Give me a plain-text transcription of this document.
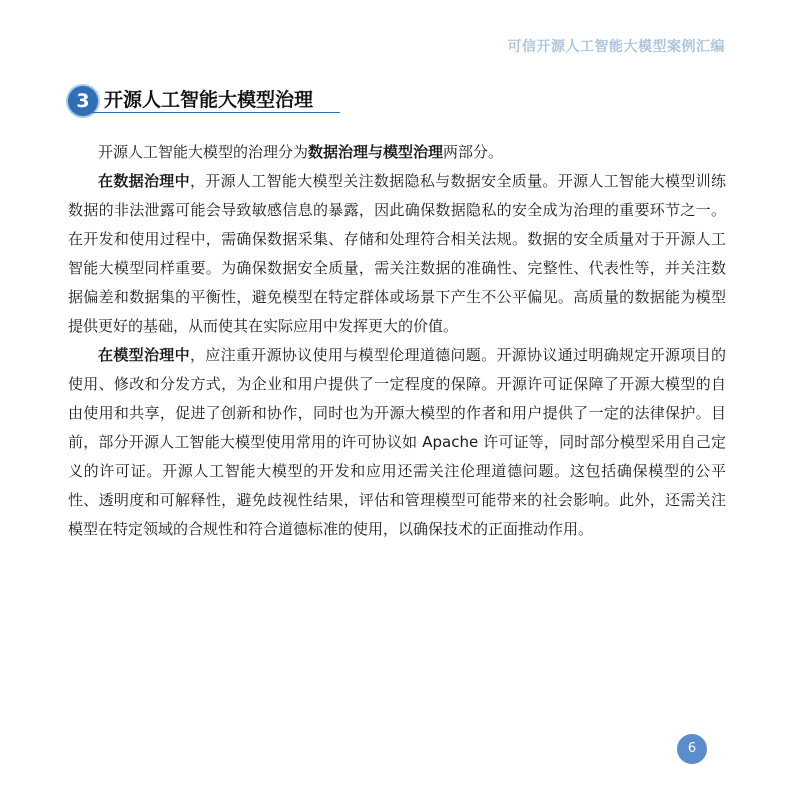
可信开源人工智能大模型案例汇编
3 开源人工智能大模型治理

开源人工智能大模型的治理分为数据治理与模型治理两部分。

在数据治理中，开源人工智能大模型关注数据隐私与数据安全质量。开源人工智能大模型训练数据的非法泄露可能会导致敏感信息的暴露，因此确保数据隐私的安全成为治理的重要环节之一。在开发和使用过程中，需确保数据采集、存储和处理符合相关法规。数据的安全质量对于开源人工智能大模型同样重要。为确保数据安全质量，需关注数据的准确性、完整性、代表性等，并关注数据偏差和数据集的平衡性，避免模型在特定群体或场景下产生不公平偏见。高质量的数据能为模型提供更好的基础，从而使其在实际应用中发挥更大的价值。

在模型治理中，应注重开源协议使用与模型伦理道德问题。开源协议通过明确规定开源项目的使用、修改和分发方式，为企业和用户提供了一定程度的保障。开源许可证保障了开源大模型的自由使用和共享，促进了创新和协作，同时也为开源大模型的作者和用户提供了一定的法律保护。目前，部分开源人工智能大模型使用常用的许可协议如 Apache 许可证等，同时部分模型采用自己定义的许可证。开源人工智能大模型的开发和应用还需关注伦理道德问题。这包括确保模型的公平性、透明度和可解释性，避免歧视性结果，评估和管理模型可能带来的社会影响。此外，还需关注模型在特定领域的合规性和符合道德标准的使用，以确保技术的正面推动作用。

6
